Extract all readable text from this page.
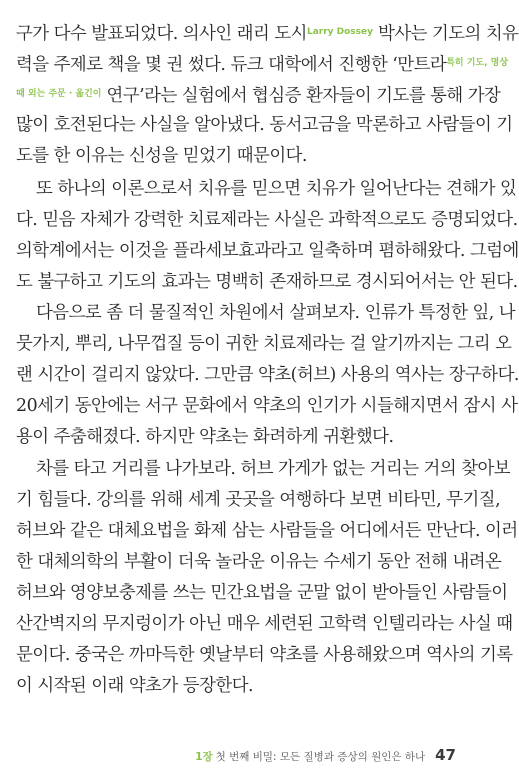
구가 다수 발표되었다. 의사인 래리 도시$^{Larry Dossey}$ 박사는 기도의 치유
력을 주제로 책을 몇 권 썼다. 듀크 대학에서 진행한 ‘만트라$^{특히 기도, 명상}$
$^{때 외는 주문 \cdot 옮긴이}$ 연구’라는 실험에서 협심증 환자들이 기도를 통해 가장
많이 호전된다는 사실을 알아냈다. 동서고금을 막론하고 사람들이 기
도를 한 이유는 신성을 믿었기 때문이다.
또 하나의 이론으로서 치유를 믿으면 치유가 일어난다는 견해가 있
다. 믿음 자체가 강력한 치료제라는 사실은 과학적으로도 증명되었다.
의학계에서는 이것을 플라세보효과라고 일축하며 폄하해왔다. 그럼에
도 불구하고 기도의 효과는 명백히 존재하므로 경시되어서는 안 된다.
다음으로 좀 더 물질적인 차원에서 살펴보자. 인류가 특정한 잎, 나
뭇가지, 뿌리, 나무껍질 등이 귀한 치료제라는 걸 알기까지는 그리 오
랜 시간이 걸리지 않았다. 그만큼 약초(허브) 사용의 역사는 장구하다.
20세기 동안에는 서구 문화에서 약초의 인기가 시들해지면서 잠시 사
용이 주춤해졌다. 하지만 약초는 화려하게 귀환했다.
차를 타고 거리를 나가보라. 허브 가게가 없는 거리는 거의 찾아보
기 힘들다. 강의를 위해 세계 곳곳을 여행하다 보면 비타민, 무기질,
허브와 같은 대체요법을 화제 삼는 사람들을 어디에서든 만난다. 이러
한 대체의학의 부활이 더욱 놀라운 이유는 수세기 동안 전해 내려온
허브와 영양보충제를 쓰는 민간요법을 군말 없이 받아들인 사람들이
산간벽지의 무지렁이가 아닌 매우 세련된 고학력 인텔리라는 사실 때
문이다. 중국은 까마득한 옛날부터 약초를 사용해왔으며 역사의 기록
이 시작된 이래 약초가 등장한다.
1장 첫 번째 비밀: 모든 질병과 증상의 원인은 하나 47
